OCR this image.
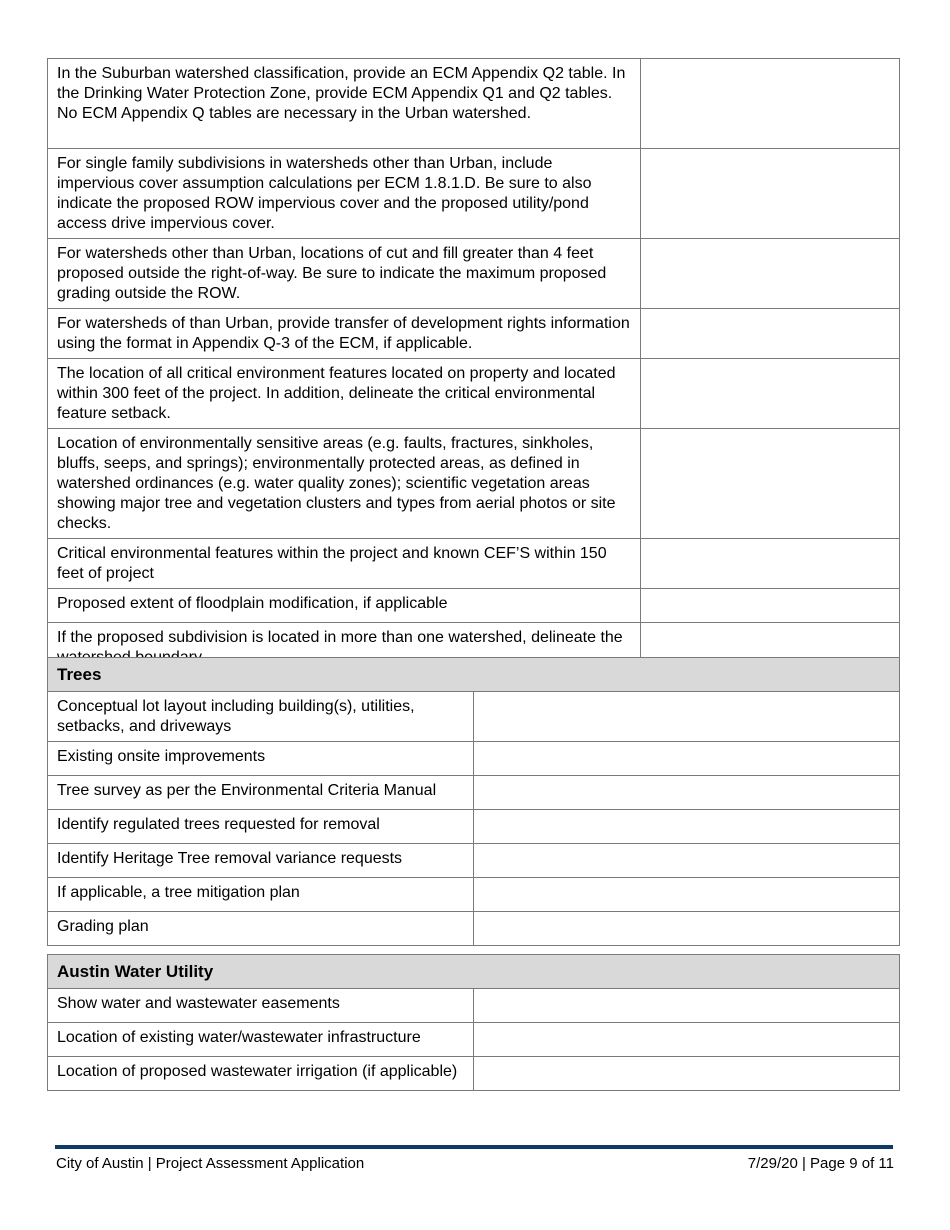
In the Suburban watershed classification, provide an ECM Appendix Q2 table. In the Drinking Water Protection Zone, provide ECM Appendix Q1 and Q2 tables. No ECM Appendix Q tables are necessary in the Urban watershed.	
For single family subdivisions in watersheds other than Urban, include impervious cover assumption calculations per ECM 1.8.1.D. Be sure to also indicate the proposed ROW impervious cover and the proposed utility/pond access drive impervious cover.	
For watersheds other than Urban, locations of cut and fill greater than 4 feet proposed outside the right-of-way. Be sure to indicate the maximum proposed grading outside the ROW.	
For watersheds of than Urban, provide transfer of development rights information using the format in Appendix Q-3 of the ECM, if applicable.	
The location of all critical environment features located on property and located within 300 feet of the project. In addition, delineate the critical environmental feature setback.	
Location of environmentally sensitive areas (e.g. faults, fractures, sinkholes, bluffs, seeps, and springs); environmentally protected areas, as defined in watershed ordinances (e.g. water quality zones); scientific vegetation areas showing major tree and vegetation clusters and types from aerial photos or site checks.	
Critical environmental features within the project and known CEF’S within 150 feet of project	
Proposed extent of floodplain modification, if applicable	
If the proposed subdivision is located in more than one watershed, delineate the	
Trees	
Conceptual lot layout including building(s), utilities, setbacks, and driveways	
Existing onsite improvements	
Tree survey as per the Environmental Criteria Manual	
Identify regulated trees requested for removal	
Identify Heritage Tree removal variance requests	
If applicable, a tree mitigation plan	
Grading plan	
Austin Water Utility	
Show water and wastewater easements	
Location of existing water/wastewater infrastructure	
Location of proposed wastewater irrigation (if applicable)	
City of Austin | Project Assessment Application	7/29/20 | Page 9 of 11
